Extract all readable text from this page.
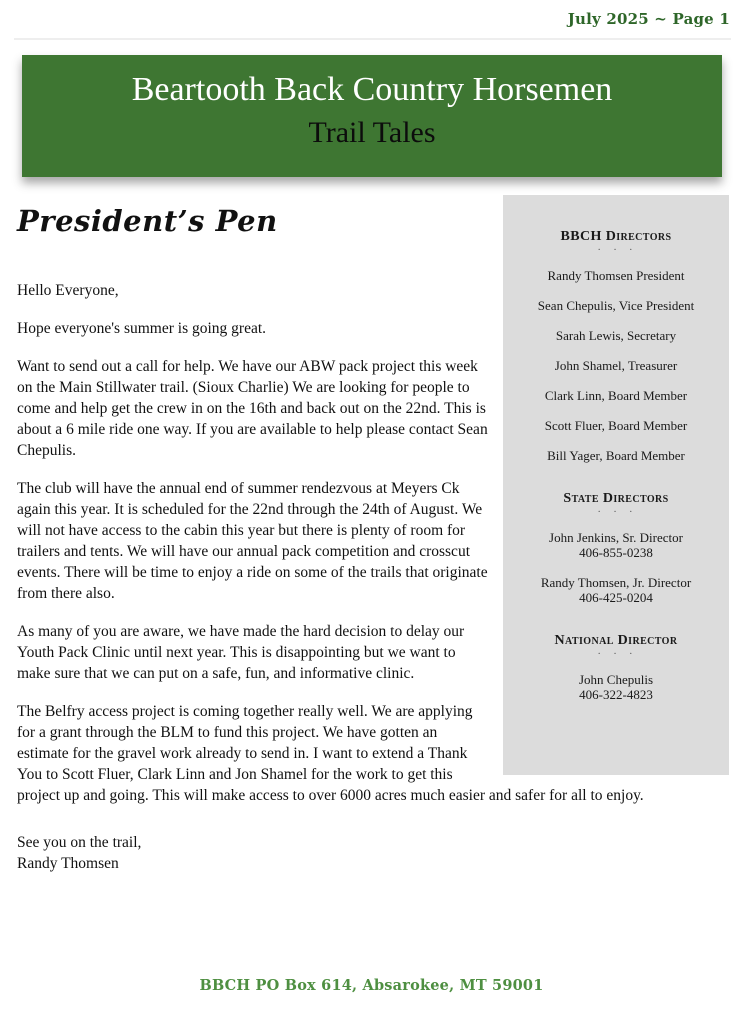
July 2025 ~ Page 1
Beartooth Back Country Horsemen
Trail Tales
BBCH Directors
· · ·
Randy Thomsen President
Sean Chepulis, Vice President
Sarah Lewis, Secretary
John Shamel, Treasurer
Clark Linn, Board Member
Scott Fluer, Board Member
Bill Yager, Board Member
State Directors
· · ·
John Jenkins, Sr. Director
406-855-0238
Randy Thomsen, Jr. Director
406-425-0204
National Director
· · ·
John Chepulis
406-322-4823
President’s Pen

Hello Everyone,

Hope everyone's summer is going great.

Want to send out a call for help. We have our ABW pack project this week on the Main Stillwater trail. (Sioux Charlie) We are looking for people to come and help get the crew in on the 16th and back out on the 22nd. This is about a 6 mile ride one way. If you are available to help please contact Sean Chepulis.

The club will have the annual end of summer rendezvous at Meyers Ck again this year. It is scheduled for the 22nd through the 24th of August. We will not have access to the cabin this year but there is plenty of room for trailers and tents. We will have our annual pack competition and crosscut events. There will be time to enjoy a ride on some of the trails that originate from there also.

As many of you are aware, we have made the hard decision to delay our Youth Pack Clinic until next year. This is disappointing but we want to make sure that we can put on a safe, fun, and informative clinic.

The Belfry access project is coming together really well. We are applying for a grant through the BLM to fund this project. We have gotten an estimate for the gravel work already to send in. I want to extend a Thank You to Scott Fluer, Clark Linn and Jon Shamel for the work to get this project up and going. This will make access to over 6000 acres much easier and safer for all to enjoy.

See you on the trail,
Randy Thomsen
BBCH PO Box 614, Absarokee, MT 59001
